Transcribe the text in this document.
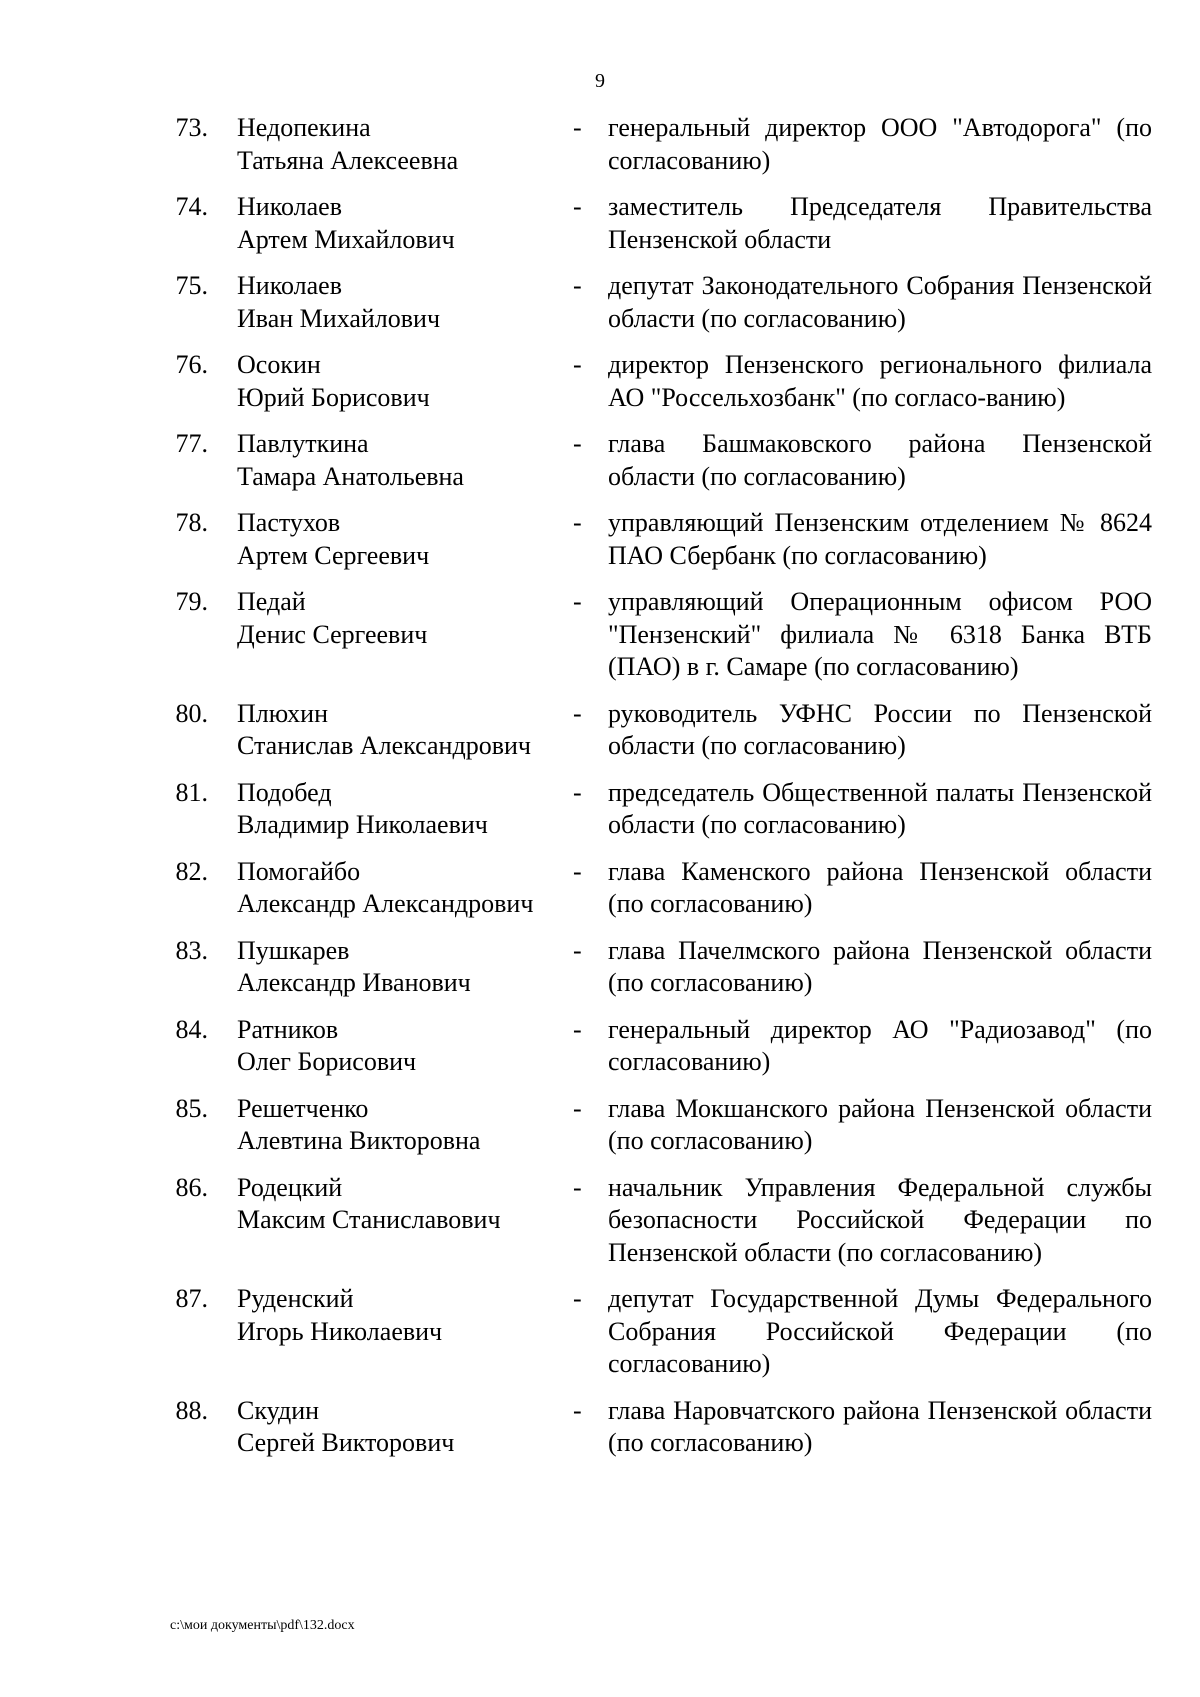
9
73. Недопекина
Татьяна Алексеевна
- генеральный директор ООО "Автодорога" (по согласованию)
74. Николаев
Артем Михайлович
- заместитель Председателя Правительства Пензенской области
75. Николаев
Иван Михайлович
- депутат Законодательного Собрания Пензенской области (по согласованию)
76. Осокин
Юрий Борисович
- директор Пензенского регионального филиала АО "Россельхозбанк" (по согласо-ванию)
77. Павлуткина
Тамара Анатольевна
- глава Башмаковского района Пензенской области (по согласованию)
78. Пастухов
Артем Сергеевич
- управляющий Пензенским отделением № 8624 ПАО Сбербанк (по согласованию)
79. Педай
Денис Сергеевич
- управляющий Операционным офисом РОО "Пензенский" филиала № 6318 Банка ВТБ (ПАО) в г. Самаре (по согласованию)
80. Плюхин
Станислав Александрович
- руководитель УФНС России по Пензенской области (по согласованию)
81. Подобед
Владимир Николаевич
- председатель Общественной палаты Пензенской области (по согласованию)
82. Помогайбо
Александр Александрович
- глава Каменского района Пензенской области (по согласованию)
83. Пушкарев
Александр Иванович
- глава Пачелмского района Пензенской области (по согласованию)
84. Ратников
Олег Борисович
- генеральный директор АО "Радиозавод" (по согласованию)
85. Решетченко
Алевтина Викторовна
- глава Мокшанского района Пензенской области (по согласованию)
86. Родецкий
Максим Станиславович
- начальник Управления Федеральной службы безопасности Российской Федерации по Пензенской области (по согласованию)
87. Руденский
Игорь Николаевич
- депутат Государственной Думы Федерального Собрания Российской Федерации (по согласованию)
88. Скудин
Сергей Викторович
- глава Наровчатского района Пензенской области (по согласованию)
c:\мои документы\pdf\132.docx
